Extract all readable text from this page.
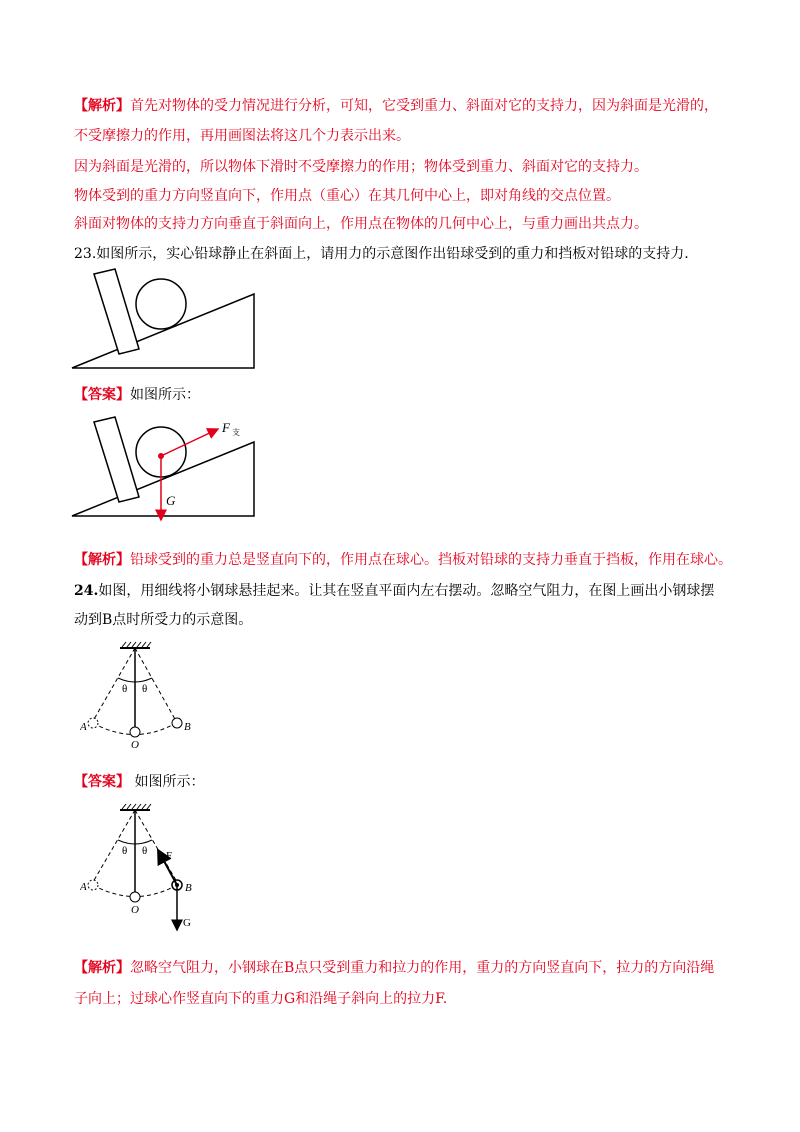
【解析】首先对物体的受力情况进行分析，可知，它受到重力、斜面对它的支持力，因为斜面是光滑的，
不受摩擦力的作用，再用画图法将这几个力表示出来。
因为斜面是光滑的，所以物体下滑时不受摩擦力的作用；物体受到重力、斜面对它的支持力。
物体受到的重力方向竖直向下，作用点（重心）在其几何中心上，即对角线的交点位置。
斜面对物体的支持力方向垂直于斜面向上，作用点在物体的几何中心上，与重力画出共点力。
23.如图所示，实心铅球静止在斜面上，请用力的示意图作出铅球受到的重力和挡板对铅球的支持力.
【答案】如图所示：
F 支
G
【解析】铅球受到的重力总是竖直向下的，作用点在球心。挡板对铅球的支持力垂直于挡板，作用在球心。
24.如图，用细线将小钢球悬挂起来。让其在竖直平面内左右摆动。忽略空气阻力，在图上画出小钢球摆
动到B点时所受力的示意图。
θ θ
A	B
O
【答案】 如图所示：
θ θ
A	B
O
F
G
【解析】忽略空气阻力，小钢球在B点只受到重力和拉力的作用，重力的方向竖直向下，拉力的方向沿绳
子向上；过球心作竖直向下的重力G和沿绳子斜向上的拉力F.
